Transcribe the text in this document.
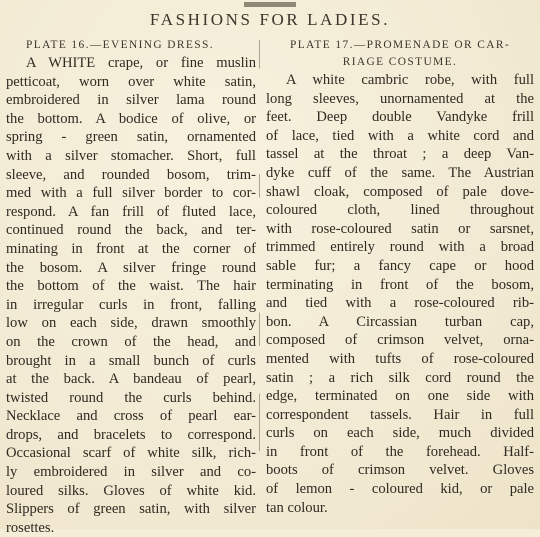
FASHIONS FOR LADIES.
PLATE 16.—EVENING DRESS.
A WHITE crape, or fine muslin
petticoat, worn over white satin,
embroidered in silver lama round
the bottom. A bodice of olive, or
spring - green satin, ornamented
with a silver stomacher. Short, full
sleeve, and rounded bosom, trim-
med with a full silver border to cor-
respond. A fan frill of fluted lace,
continued round the back, and ter-
minating in front at the corner of
the bosom. A silver fringe round
the bottom of the waist. The hair
in irregular curls in front, falling
low on each side, drawn smoothly
on the crown of the head, and
brought in a small bunch of curls
at the back. A bandeau of pearl,
twisted round the curls behind.
Necklace and cross of pearl ear-
drops, and bracelets to correspond.
Occasional scarf of white silk, rich-
ly embroidered in silver and co-
loured silks. Gloves of white kid.
Slippers of green satin, with silver
rosettes.
PLATE 17.—PROMENADE OR CAR-
RIAGE COSTUME.
A white cambric robe, with full
long sleeves, unornamented at the
feet. Deep double Vandyke frill
of lace, tied with a white cord and
tassel at the throat ; a deep Van-
dyke cuff of the same. The Austrian
shawl cloak, composed of pale dove-
coloured cloth, lined throughout
with rose-coloured satin or sarsnet,
trimmed entirely round with a broad
sable fur; a fancy cape or hood
terminating in front of the bosom,
and tied with a rose-coloured rib-
bon. A Circassian turban cap,
composed of crimson velvet, orna-
mented with tufts of rose-coloured
satin ; a rich silk cord round the
edge, terminated on one side with
correspondent tassels. Hair in full
curls on each side, much divided
in front of the forehead. Half-
boots of crimson velvet. Gloves
of lemon - coloured kid, or pale
tan colour.
